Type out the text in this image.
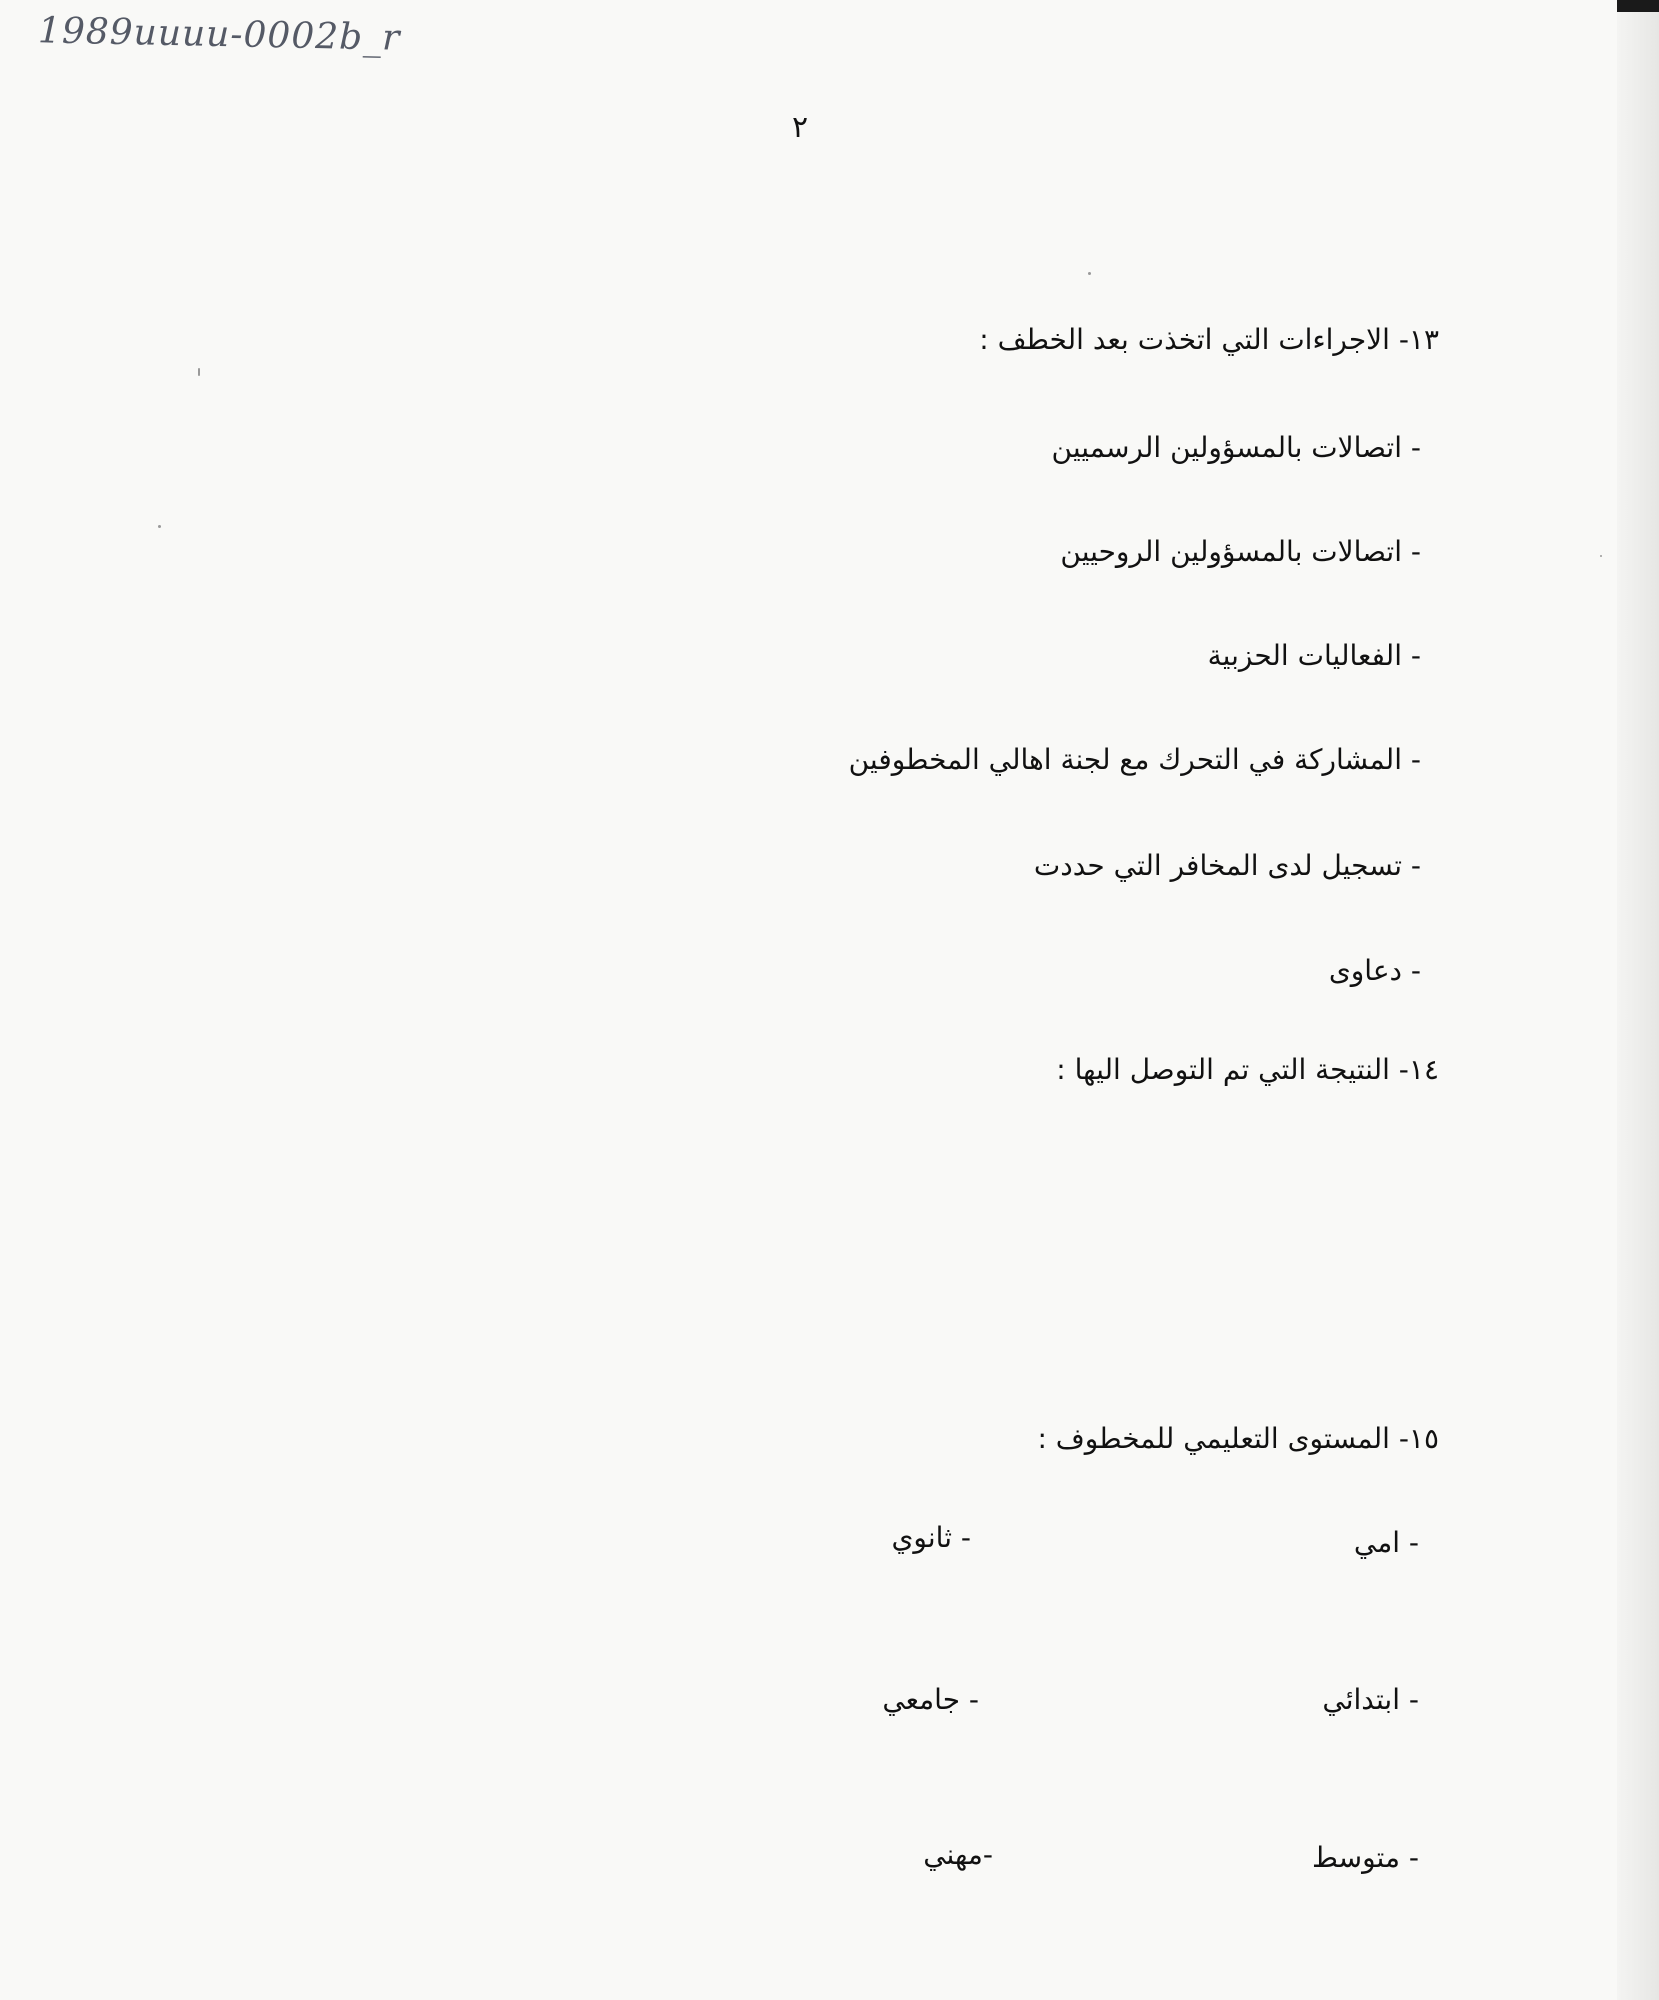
1989uuuu-0002b_r
٢
١٣- الاجراءات التي اتخذت بعد الخطف :
- اتصالات بالمسؤولين الرسميين
- اتصالات بالمسؤولين الروحيين
- الفعاليات الحزبية
- المشاركة في التحرك مع لجنة اهالي المخطوفين
- تسجيل لدى المخافر التي حددت
- دعاوى
١٤- النتيجة التي تم التوصل اليها :
١٥- المستوى التعليمي للمخطوف :
- امي
- ابتدائي
- متوسط
- ثانوي
- جامعي
-مهني
